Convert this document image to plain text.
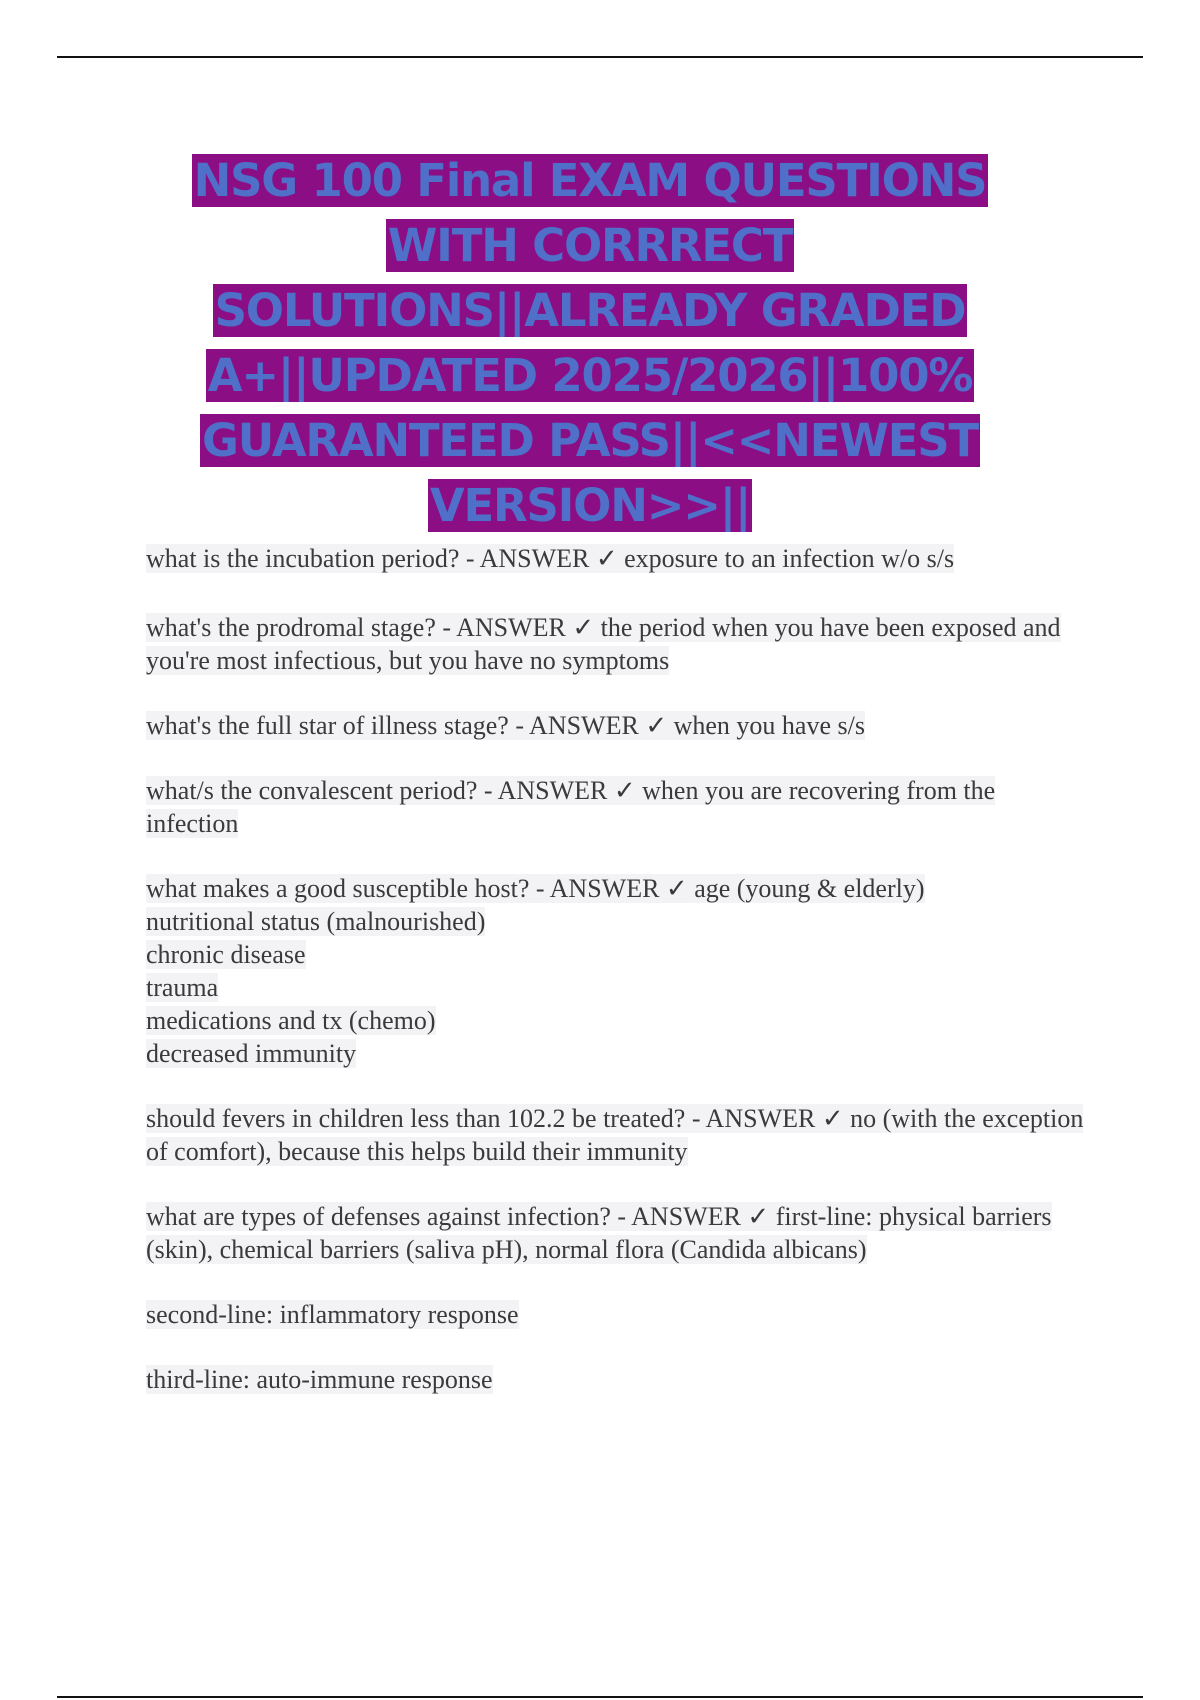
NSG 100 Final EXAM QUESTIONS WITH CORRRECT SOLUTIONS||ALREADY GRADED A+||UPDATED 2025/2026||100% GUARANTEED PASS||<<NEWEST VERSION>>||

what is the incubation period? - ANSWER ✓ exposure to an infection w/o s/s

what's the prodromal stage? - ANSWER ✓ the period when you have been exposed and you're most infectious, but you have no symptoms

what's the full star of illness stage? - ANSWER ✓ when you have s/s

what/s the convalescent period? - ANSWER ✓ when you are recovering from the infection

what makes a good susceptible host? - ANSWER ✓ age (young & elderly)
nutritional status (malnourished)
chronic disease
trauma
medications and tx (chemo)
decreased immunity

should fevers in children less than 102.2 be treated? - ANSWER ✓ no (with the exception of comfort), because this helps build their immunity

what are types of defenses against infection? - ANSWER ✓ first-line: physical barriers (skin), chemical barriers (saliva pH), normal flora (Candida albicans)

second-line: inflammatory response

third-line: auto-immune response
